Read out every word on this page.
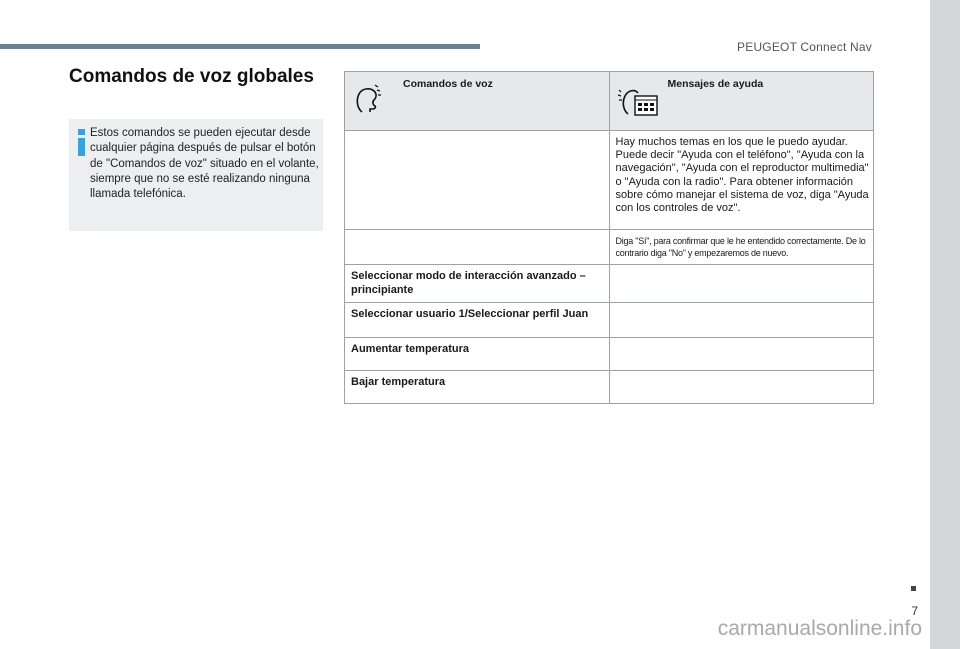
PEUGEOT Connect Nav
7
Comandos de voz globales

Estos comandos se pueden ejecutar desde cualquier página después de pulsar el botón de "Comandos de voz" situado en el volante, siempre que no se esté realizando ninguna llamada telefónica.

Comandos de voz	Mensajes de ayuda

	Hay muchos temas en los que le puedo ayudar. Puede decir "Ayuda con el teléfono", "Ayuda con la navegación", "Ayuda con el reproductor multimedia" o "Ayuda con la radio". Para obtener información sobre cómo manejar el sistema de voz, diga "Ayuda con los controles de voz".
	Diga "Sí", para confirmar que le he entendido correctamente. De lo contrario diga "No" y empezaremos de nuevo.
Seleccionar modo de interacción avanzado – principiante	
Seleccionar usuario 1/Seleccionar perfil Juan	
Aumentar temperatura	
Bajar temperatura	
carmanualsonline.info
